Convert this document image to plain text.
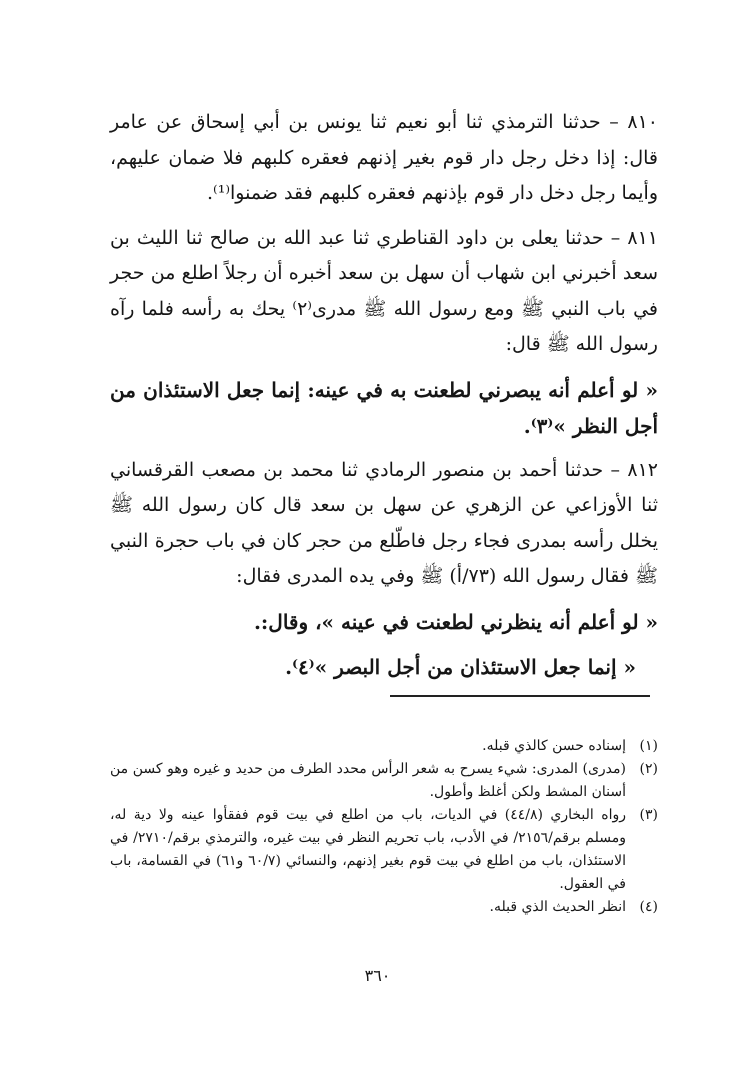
٨١٠ – حدثنا الترمذي ثنا أبو نعيم ثنا يونس بن أبي إسحاق عن عامر قال: إذا دخل رجل دار قوم بغير إذنهم فعقره كلبهم فلا ضمان عليهم، وأيما رجل دخل دار قوم بإذنهم فعقره كلبهم فقد ضمنوا⁽¹⁾.

٨١١ – حدثنا يعلى بن داود القناطري ثنا عبد الله بن صالح ثنا الليث بن سعد أخبرني ابن شهاب أن سهل بن سعد أخبره أن رجلاً اطلع من حجر في باب النبي ﷺ ومع رسول الله ﷺ مدرى⁽٢⁾ يحك به رأسه فلما رآه رسول الله ﷺ قال:

« لو أعلم أنه يبصرني لطعنت به في عينه: إنما جعل الاستئذان من أجل النظر »⁽٣⁾.

٨١٢ – حدثنا أحمد بن منصور الرمادي ثنا محمد بن مصعب القرقساني ثنا الأوزاعي عن الزهري عن سهل بن سعد قال كان رسول الله ﷺ يخلل رأسه بمدرى فجاء رجل فاطّلع من حجر كان في باب حجرة النبي ﷺ فقال رسول الله (٧٣/أ) ﷺ وفي يده المدرى فقال:

« لو أعلم أنه ينظرني لطعنت في عينه »، وقال:.

« إنما جعل الاستئذان من أجل البصر »⁽٤⁾.

(١)
إسناده حسن كالذي قبله.
(٢)
(مدرى) المدرى: شيء يسرح به شعر الرأس محدد الطرف من حديد و غيره وهو كسن من أسنان المشط ولكن أغلظ وأطول.
(٣)
رواه البخاري (٤٤/٨) في الديات، باب من اطلع في بيت قوم ففقأوا عينه ولا دية له، ومسلم برقم/٢١٥٦/ في الأدب، باب تحريم النظر في بيت غيره، والترمذي برقم/٢٧١٠/ في الاستئذان، باب من اطلع في بيت قوم بغير إذنهم، والنسائي (٦٠/٧ و٦١) في القسامة، باب في العقول.
(٤)
انظر الحديث الذي قبله.
٣٦٠
